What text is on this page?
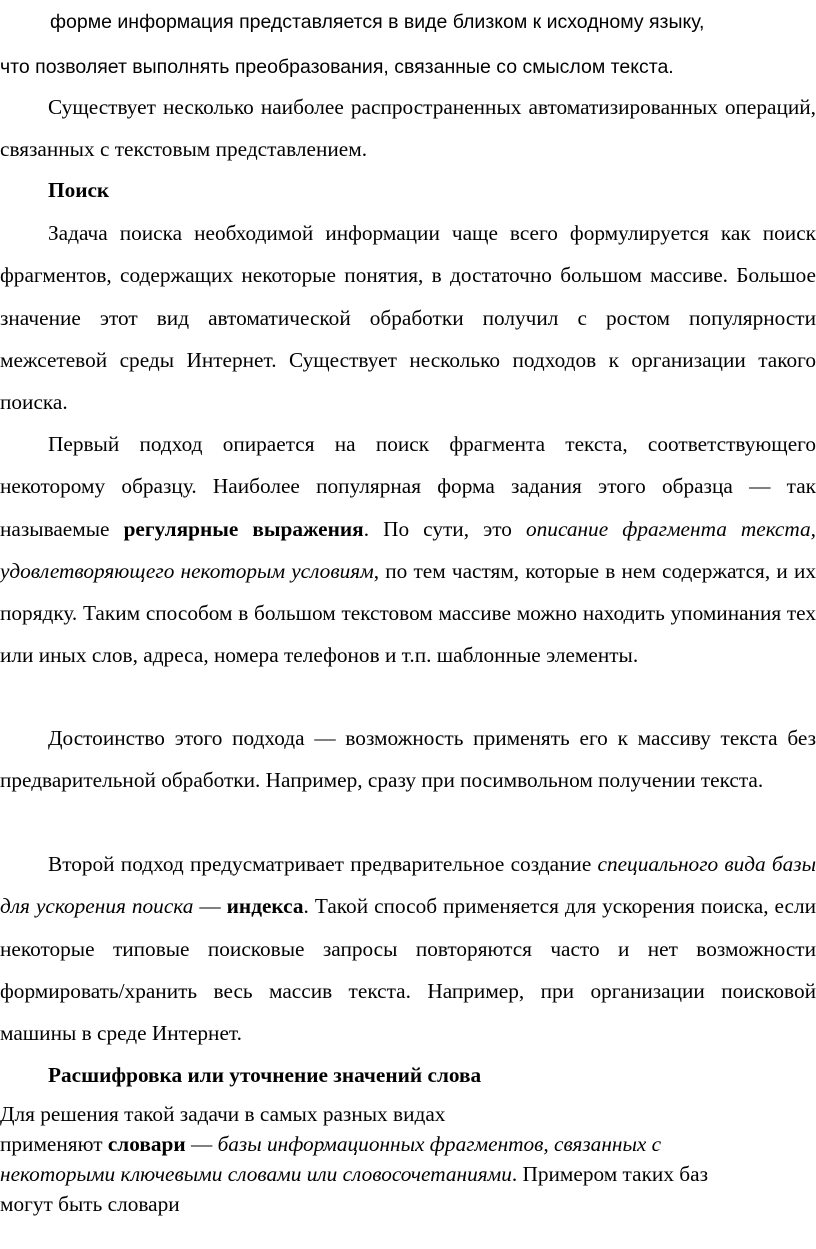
форме информация представляется в виде близком к исходному языку,

что позволяет выполнять преобразования, связанные со смыслом текста.

Существует несколько наиболее распространенных автоматизированных операций, связанных с текстовым представлением.

Поиск

Задача поиска необходимой информации чаще всего формулируется как поиск фрагментов, содержащих некоторые понятия, в достаточно большом массиве. Большое значение этот вид автоматической обработки получил с ростом популярности межсетевой среды Интернет. Существует несколько подходов к организации такого поиска.

Первый подход опирается на поиск фрагмента текста, соответствующего некоторому образцу. Наиболее популярная форма задания этого образца — так называемые регулярные выражения. По сути, это описание фрагмента текста, удовлетворяющего некоторым условиям, по тем частям, которые в нем содержатся, и их порядку. Таким способом в большом текстовом массиве можно находить упоминания тех или иных слов, адреса, номера телефонов и т.п. шаблонные элементы.

Достоинство этого подхода — возможность применять его к массиву текста без предварительной обработки. Например, сразу при посимвольном получении текста.

Второй подход предусматривает предварительное создание специального вида базы для ускорения поиска — индекса. Такой способ применяется для ускорения поиска, если некоторые типовые поисковые запросы повторяются часто и нет возможности формировать/хранить весь массив текста. Например, при организации поисковой машины в среде Интернет.

Расшифровка или уточнение значений слова

Для решения такой задачи в самых разных видах
применяют словари — базы информационных фрагментов, связанных с
некоторыми ключевыми словами или словосочетаниями. Примером таких баз
могут быть словари
